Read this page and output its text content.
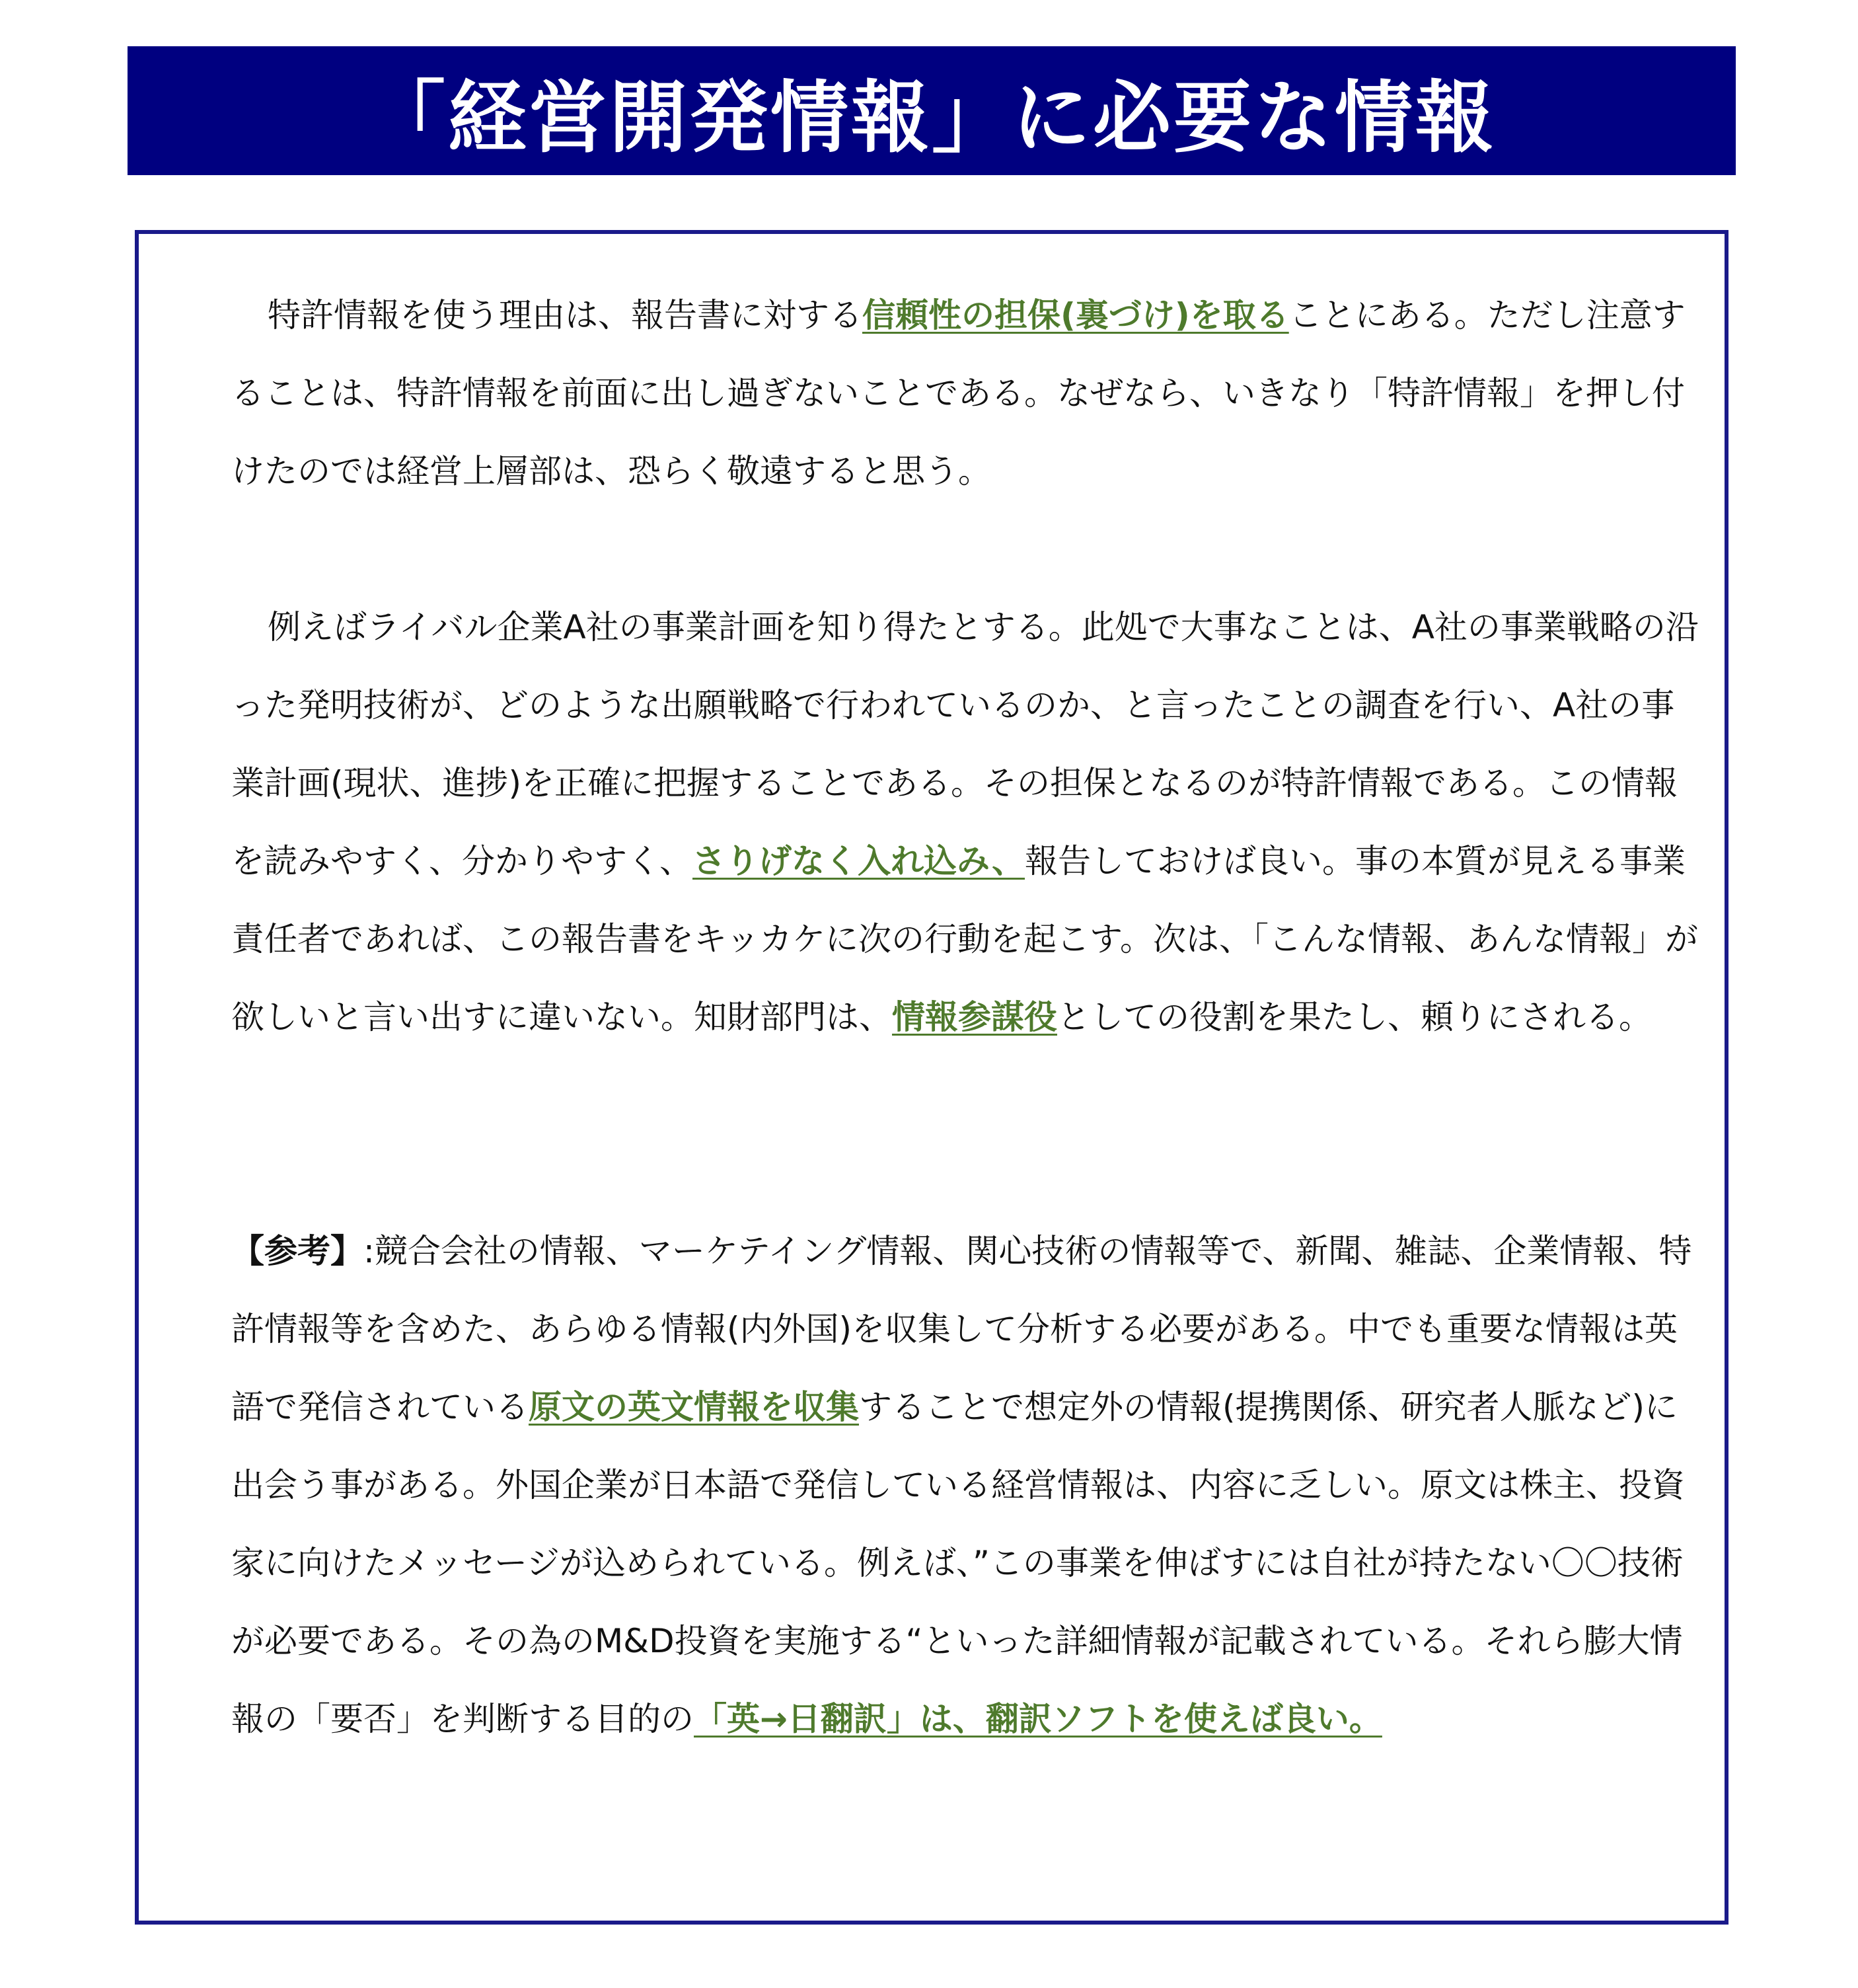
「経営開発情報」に必要な情報

特許情報を使う理由は、報告書に対する信頼性の担保(裏づけ)を取ることにある。ただし注意することは、特許情報を前面に出し過ぎないことである。なぜなら、いきなり「特許情報」を押し付けたのでは経営上層部は、恐らく敬遠すると思う。

例えばライバル企業A社の事業計画を知り得たとする。此処で大事なことは、A社の事業戦略の沿った発明技術が、どのような出願戦略で行われているのか、と言ったことの調査を行い、A社の事業計画(現状、進捗)を正確に把握することである。その担保となるのが特許情報である。この情報を読みやすく、分かりやすく、さりげなく入れ込み、報告しておけば良い。事の本質が見える事業責任者であれば、この報告書をキッカケに次の行動を起こす。次は、「こんな情報、あんな情報」が欲しいと言い出すに違いない。知財部門は、情報参謀役としての役割を果たし、頼りにされる。

【参考】:競合会社の情報、マーケテイング情報、関心技術の情報等で、新聞、雑誌、企業情報、特許情報等を含めた、あらゆる情報(内外国)を収集して分析する必要がある。中でも重要な情報は英語で発信されている原文の英文情報を収集することで想定外の情報(提携関係、研究者人脈など)に出会う事がある。外国企業が日本語で発信している経営情報は、内容に乏しい。原文は株主、投資家に向けたメッセージが込められている。例えば、”この事業を伸ばすには自社が持たない〇〇技術が必要である。その為のM&D投資を実施する“といった詳細情報が記載されている。それら膨大情報の「要否」を判断する目的の「英→日翻訳」は、翻訳ソフトを使えば良い。
